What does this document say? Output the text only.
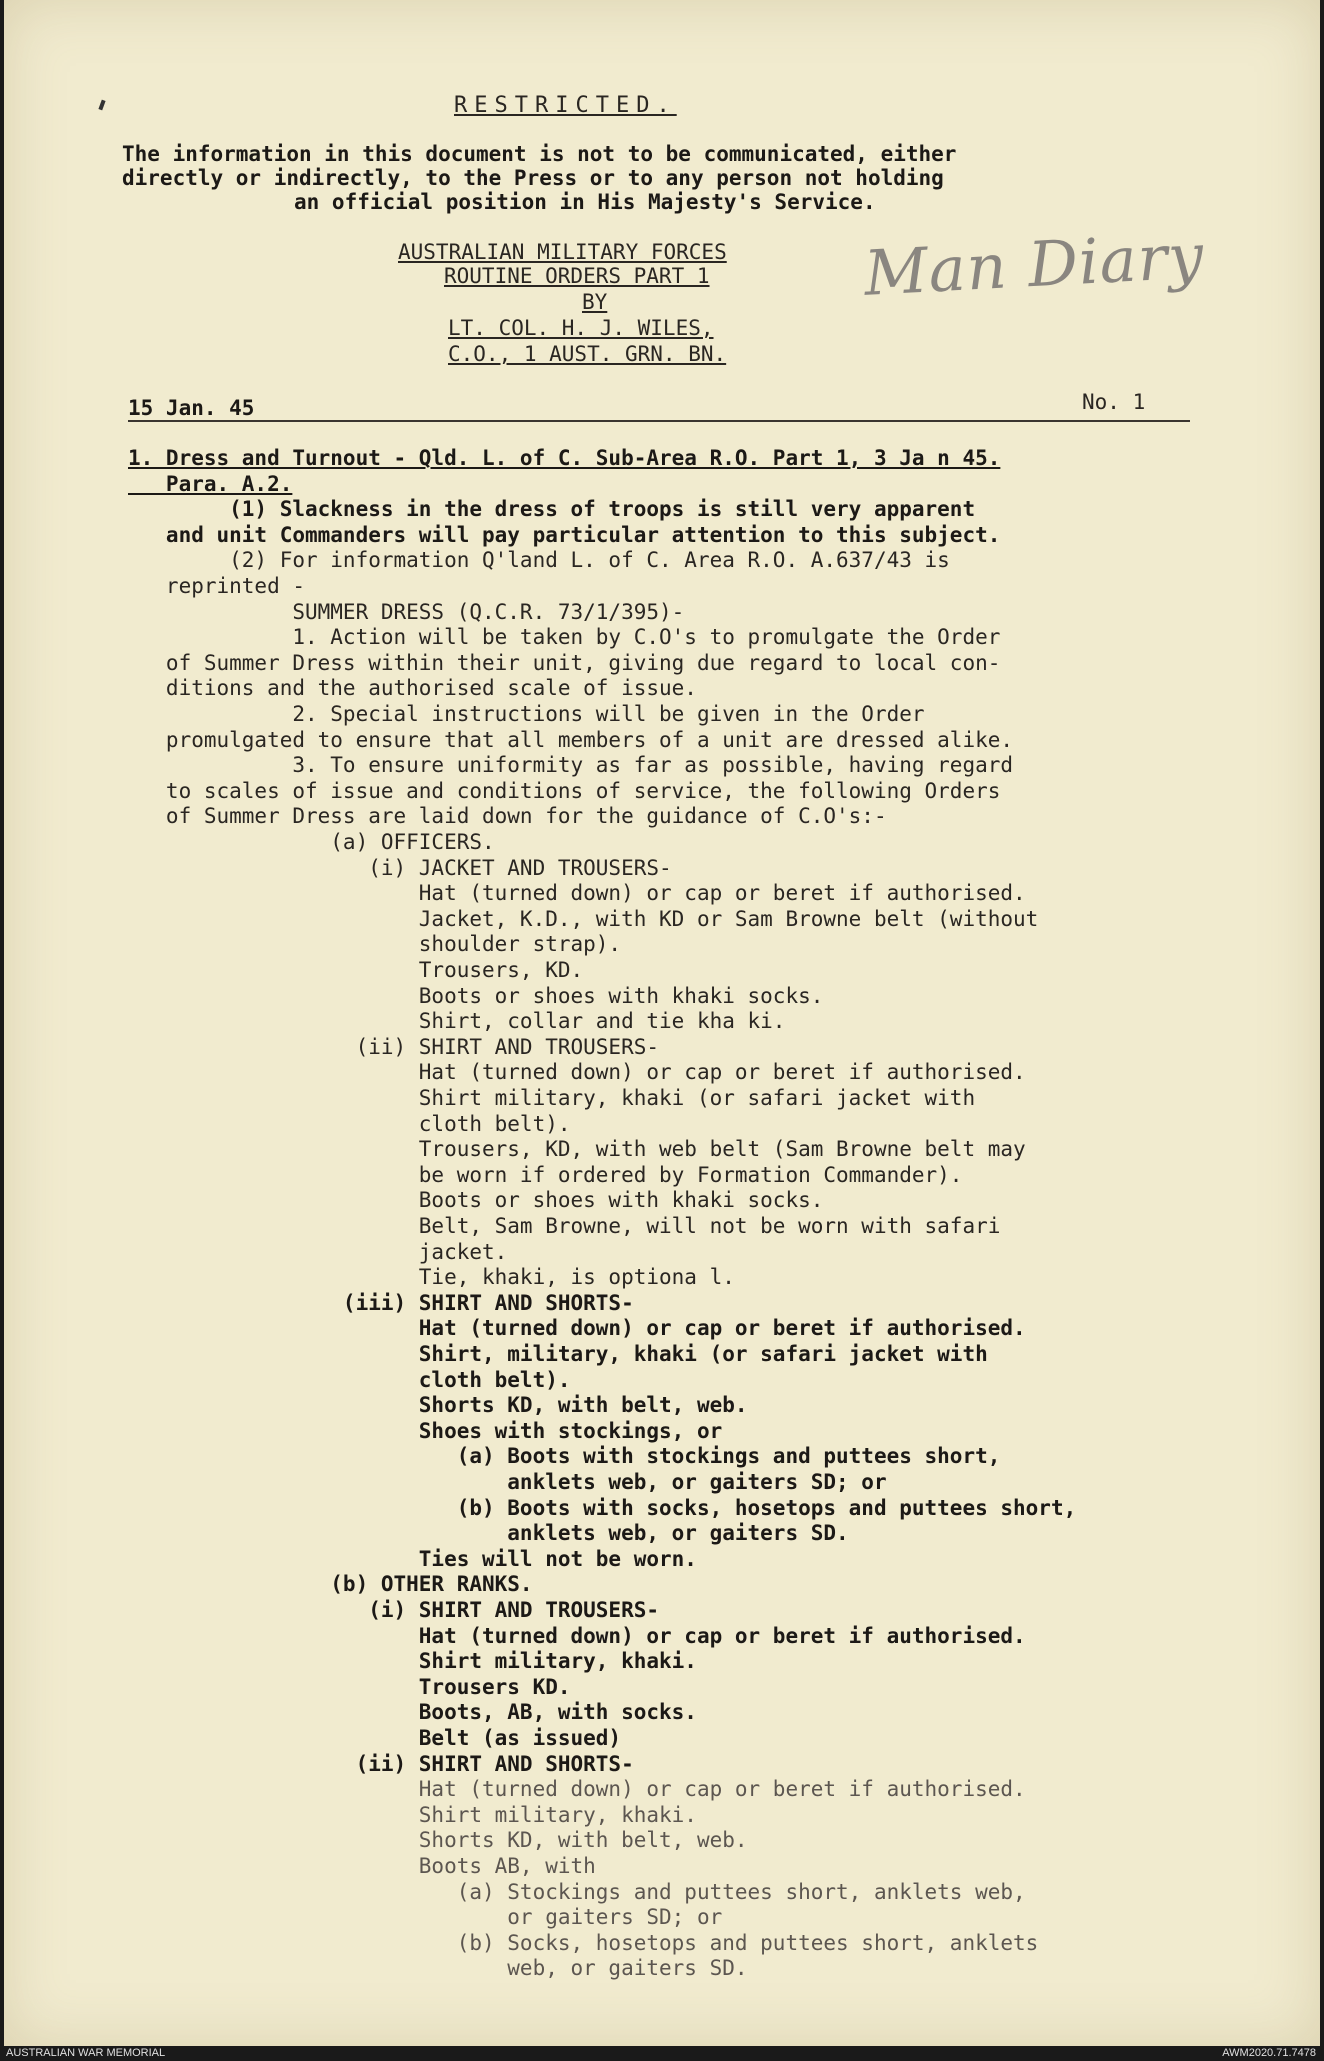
RESTRICTED.
The information in this document is not to be communicated, either
directly or indirectly, to the Press or to any person not holding
an official position in His Majesty's Service.
AUSTRALIAN MILITARY FORCES
ROUTINE ORDERS PART 1
BY
LT. COL. H. J. WILES,
C.O., 1 AUST. GRN. BN.
Man Diary
15 Jan. 45	No. 1
1. Dress and Turnout - Qld. L. of C. Sub-Area R.O. Part 1, 3 Ja n 45.
Para. A.2.
(1) Slackness in the dress of troops is still very apparent
and unit Commanders will pay particular attention to this subject.
(2) For information Q'land L. of C. Area R.O. A.637/43 is
reprinted -
SUMMER DRESS (Q.C.R. 73/1/395)-
1. Action will be taken by C.O's to promulgate the Order
of Summer Dress within their unit, giving due regard to local con-
ditions and the authorised scale of issue.
2. Special instructions will be given in the Order
promulgated to ensure that all members of a unit are dressed alike.
3. To ensure uniformity as far as possible, having regard
to scales of issue and conditions of service, the following Orders
of Summer Dress are laid down for the guidance of C.O's:-
(a) OFFICERS.
(i) JACKET AND TROUSERS-
Hat (turned down) or cap or beret if authorised.
Jacket, K.D., with KD or Sam Browne belt (without
shoulder strap).
Trousers, KD.
Boots or shoes with khaki socks.
Shirt, collar and tie kha ki.
(ii) SHIRT AND TROUSERS-
Hat (turned down) or cap or beret if authorised.
Shirt military, khaki (or safari jacket with
cloth belt).
Trousers, KD, with web belt (Sam Browne belt may
be worn if ordered by Formation Commander).
Boots or shoes with khaki socks.
Belt, Sam Browne, will not be worn with safari
jacket.
Tie, khaki, is optiona l.
(iii) SHIRT AND SHORTS-
Hat (turned down) or cap or beret if authorised.
Shirt, military, khaki (or safari jacket with
cloth belt).
Shorts KD, with belt, web.
Shoes with stockings, or
(a) Boots with stockings and puttees short,
anklets web, or gaiters SD; or
(b) Boots with socks, hosetops and puttees short,
anklets web, or gaiters SD.
Ties will not be worn.
(b) OTHER RANKS.
(i) SHIRT AND TROUSERS-
Hat (turned down) or cap or beret if authorised.
Shirt military, khaki.
Trousers KD.
Boots, AB, with socks.
Belt (as issued)
(ii) SHIRT AND SHORTS-
Hat (turned down) or cap or beret if authorised.
Shirt military, khaki.
Shorts KD, with belt, web.
Boots AB, with
(a) Stockings and puttees short, anklets web,
or gaiters SD; or
(b) Socks, hosetops and puttees short, anklets
web, or gaiters SD.
AUSTRALIAN WAR MEMORIAL	AWM2020.71.7478
